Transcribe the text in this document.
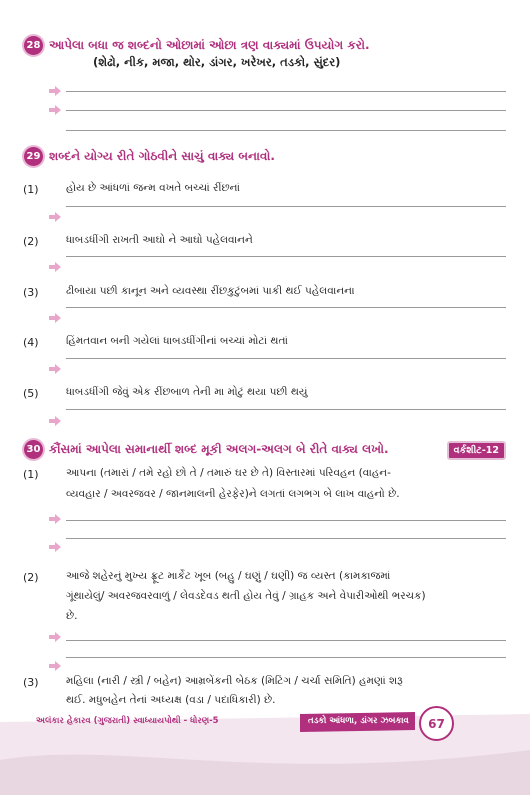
28 આપેલા બધા જ શબ્દનો ઓછામાં ઓછા ત્રણ વાક્યમાં ઉપયોગ કરો.
(શેઢો, નીક, મજા, થોર, ડાંગર, ખરેખર, તડકો, સુંદર)
29 શબ્દને યોગ્ય રીતે ગોઠવીને સાચું વાક્ય બનાવો.
(1)	હોય છે આંધળાં જન્મ વખતે બચ્ચાં રીંછનાં
(2)	ધાબડધીંગી રાખતી આઘો ને આઘો પહેલવાનને
(3)	ઢીબાયા પછી કાનૂન અને વ્યવસ્થા રીંછકુટુંબમાં પાકી થઈ પહેલવાનના
(4)	હિંમતવાન બની ગયેલાં ધાબડધીંગીનાં બચ્ચાં મોટાં થતાં
(5)	ધાબડધીંગી જેવું એક રીંછબાળ તેની મા મોટું થયા પછી થયું
30 કૌંસમાં આપેલા સમાનાર્થી શબ્દ મૂકી અલગ-અલગ બે રીતે વાક્ય લખો.	વર્કશીટ-12
(1)	આપના (તમારાં / તમે રહો છો તે / તમારું ઘર છે તે) વિસ્તારમાં પરિવહન (વાહન-
વ્યવહાર / અવરજવર / જાનમાલની હેરફેર)ને લગતાં લગભગ બે લાખ વાહનો છે.
(2)	આજે શહેરનું મુખ્ય ફ્રૂટ માર્કેટ ખૂબ (બહુ / ઘણું / ઘણી) જ વ્યસ્ત (કામકાજમાં
ગૂંથાયેલું/ અવરજવરવાળું / લેવડદેવડ થતી હોય તેવું / ગ્રાહક અને વેપારીઓથી ભરચક)
છે.
(3)	મહિલા (નારી / સ્ત્રી / બહેન) આમ્રબેંકની બેઠક (મિટિંગ / ચર્ચા સમિતિ) હમણાં શરૂ
થઈ. મધુબહેન તેનાં અધ્યક્ષ (વડા / પદાધિકારી) છે.
અલંકાર હેકારવ (ગુજરાતી) સ્વાધ્યાયપોથી - ધોરણ-5	તડકો આંધળા, ડાંગર ઝબકાવ	67
